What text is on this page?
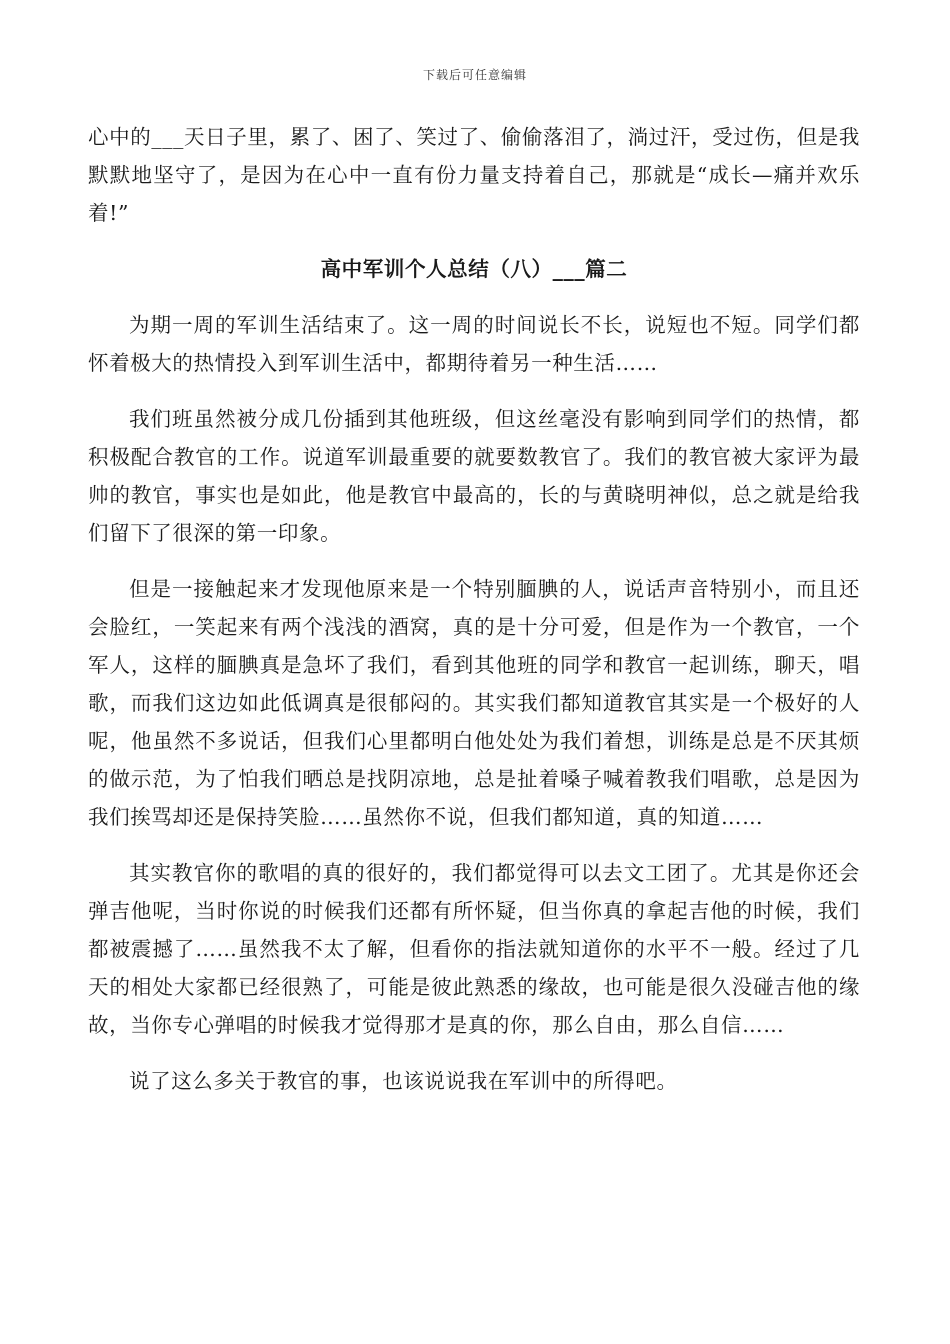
下载后可任意编辑

心中的___天日子里，累了、困了、笑过了、偷偷落泪了，淌过汗，受过伤，但是我默默地坚守了，是因为在心中一直有份力量支持着自己，那就是“成长—痛并欢乐着!”

高中军训个人总结（八）___篇二

为期一周的军训生活结束了。这一周的时间说长不长，说短也不短。同学们都怀着极大的热情投入到军训生活中，都期待着另一种生活……

我们班虽然被分成几份插到其他班级，但这丝毫没有影响到同学们的热情，都积极配合教官的工作。说道军训最重要的就要数教官了。我们的教官被大家评为最帅的教官，事实也是如此，他是教官中最高的，长的与黄晓明神似，总之就是给我们留下了很深的第一印象。

但是一接触起来才发现他原来是一个特别腼腆的人，说话声音特别小，而且还会脸红，一笑起来有两个浅浅的酒窝，真的是十分可爱，但是作为一个教官，一个军人，这样的腼腆真是急坏了我们，看到其他班的同学和教官一起训练，聊天，唱歌，而我们这边如此低调真是很郁闷的。其实我们都知道教官其实是一个极好的人呢，他虽然不多说话，但我们心里都明白他处处为我们着想，训练是总是不厌其烦的做示范，为了怕我们晒总是找阴凉地，总是扯着嗓子喊着教我们唱歌，总是因为我们挨骂却还是保持笑脸……虽然你不说，但我们都知道，真的知道……

其实教官你的歌唱的真的很好的，我们都觉得可以去文工团了。尤其是你还会弹吉他呢，当时你说的时候我们还都有所怀疑，但当你真的拿起吉他的时候，我们都被震撼了……虽然我不太了解，但看你的指法就知道你的水平不一般。经过了几天的相处大家都已经很熟了，可能是彼此熟悉的缘故，也可能是很久没碰吉他的缘故，当你专心弹唱的时候我才觉得那才是真的你，那么自由，那么自信……

说了这么多关于教官的事，也该说说我在军训中的所得吧。
